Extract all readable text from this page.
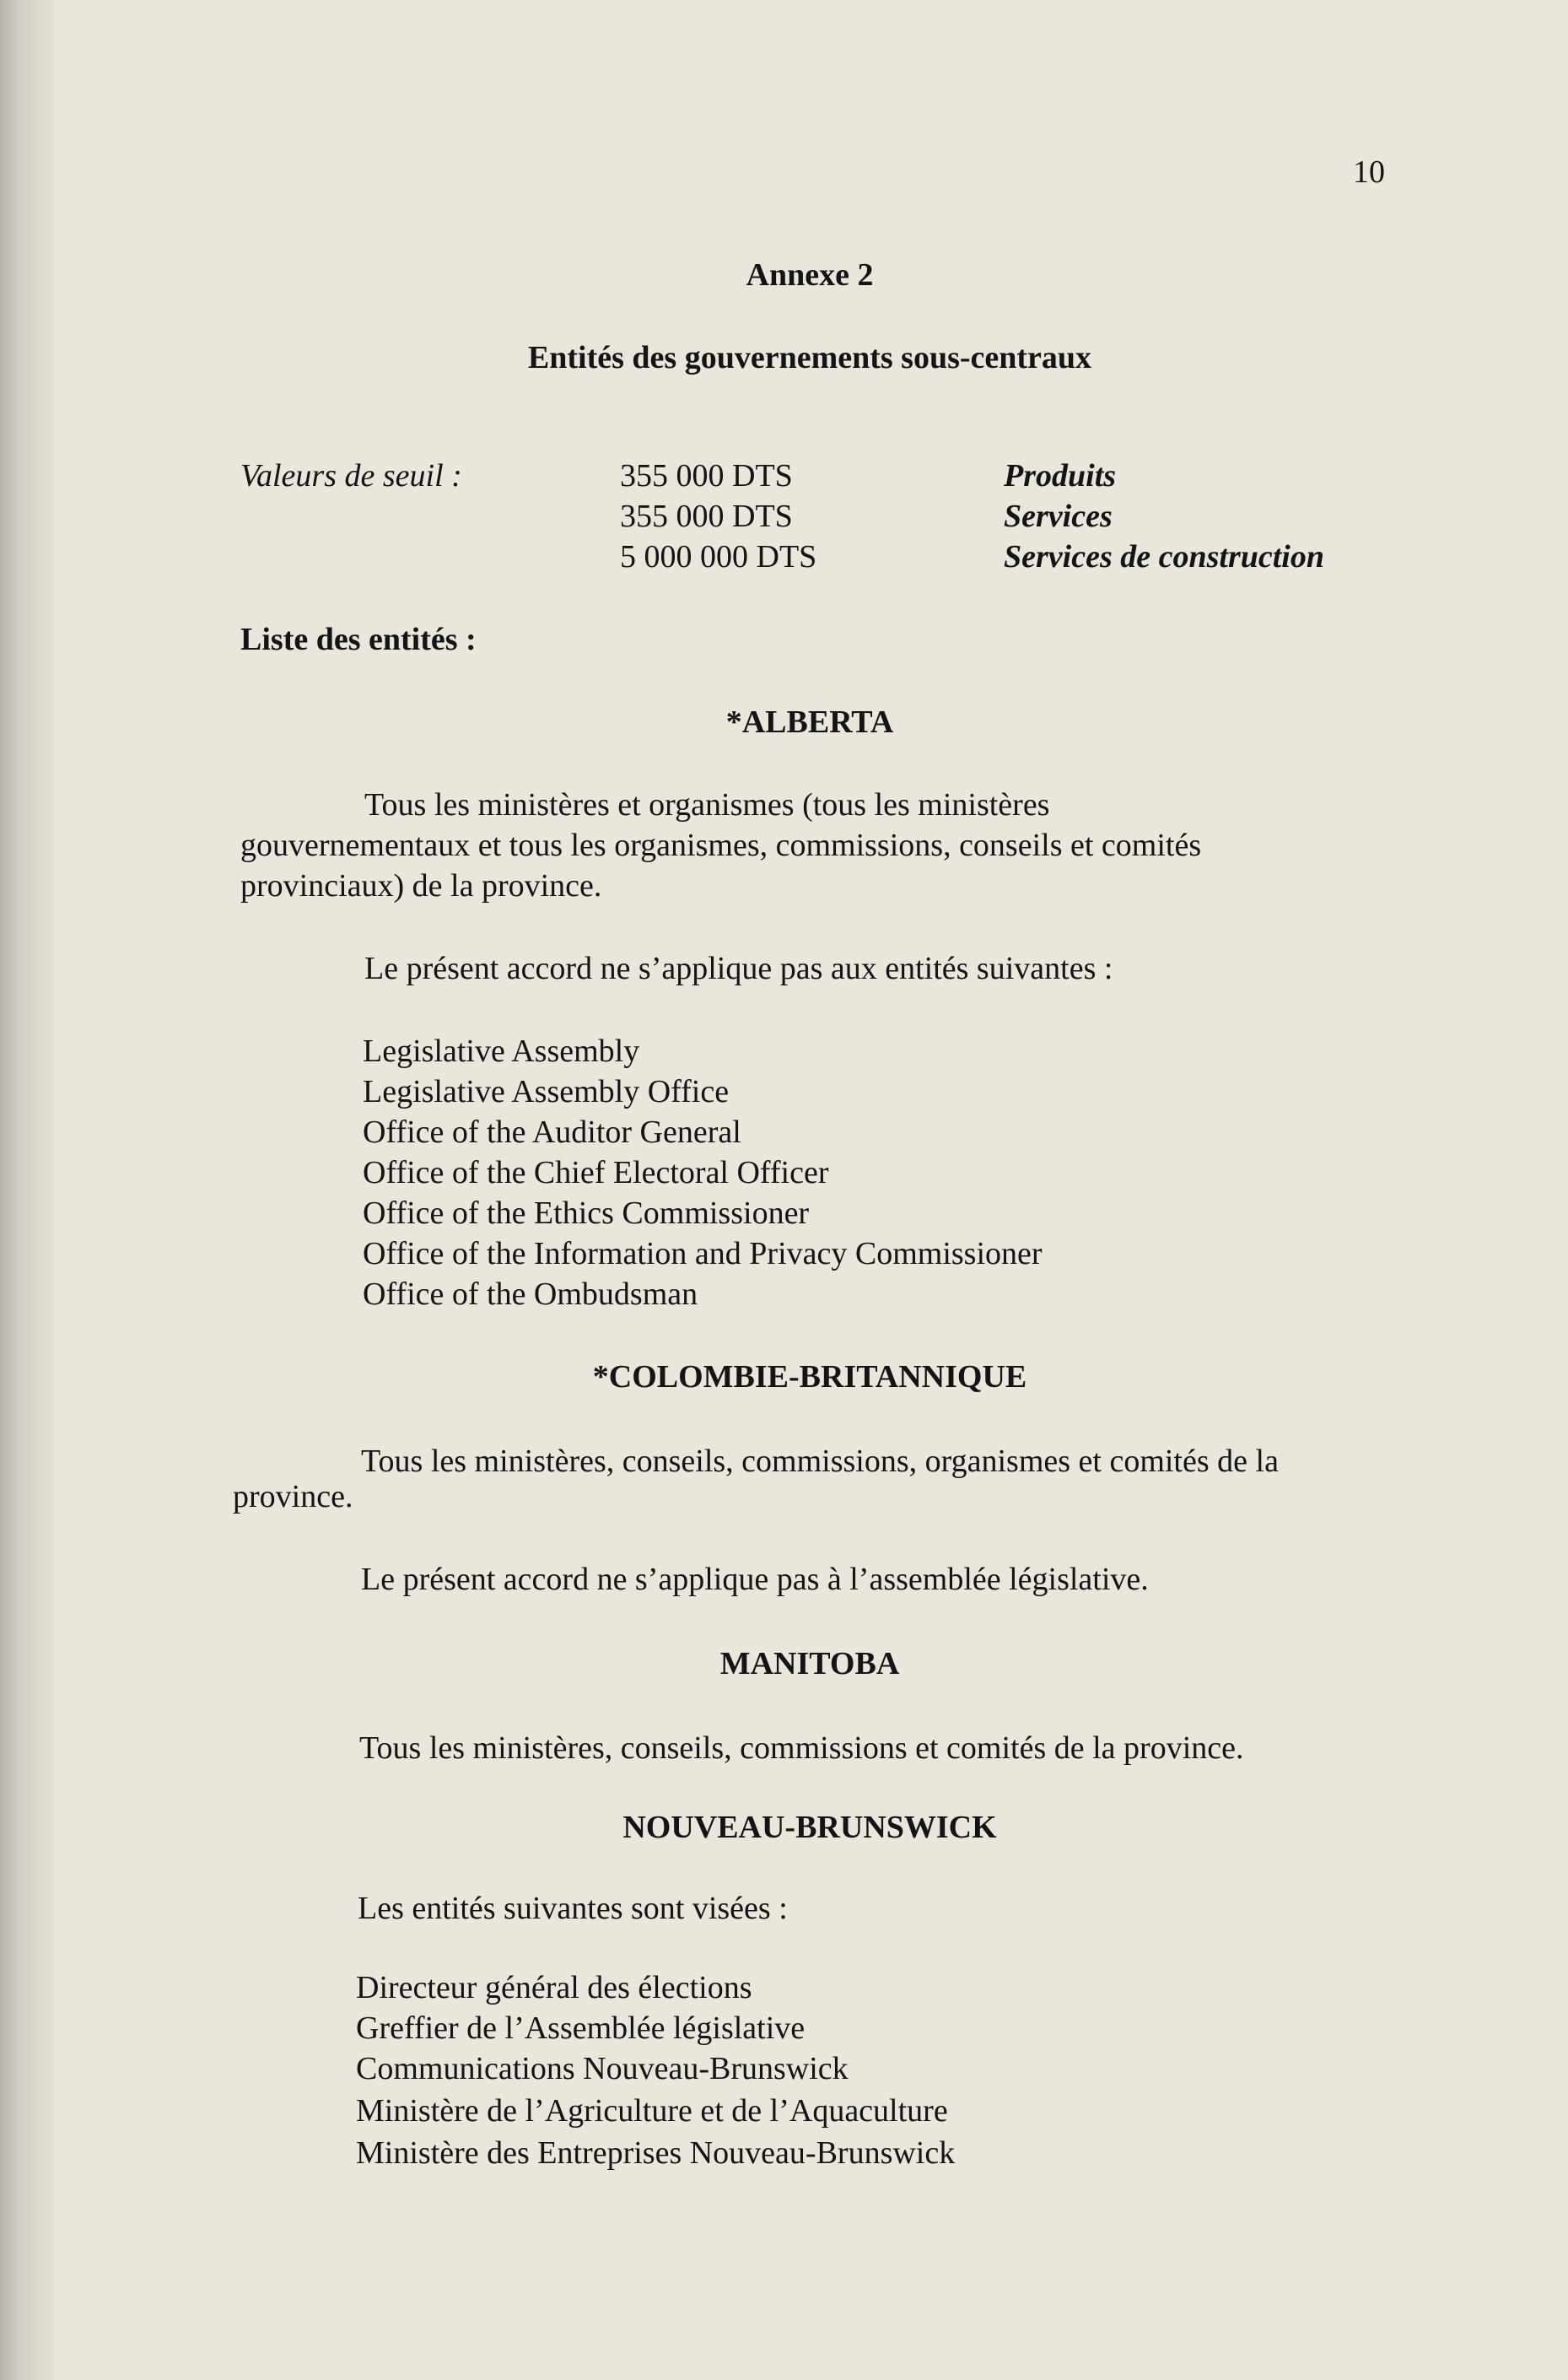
10
Annexe 2
Entités des gouvernements sous-centraux
Valeurs de seuil :	355 000 DTS
355 000 DTS
5 000 000 DTS
Produits
Services
Services de construction
Liste des entités :
*ALBERTA
Tous les ministères et organismes (tous les ministères
gouvernementaux et tous les organismes, commissions, conseils et comités
provinciaux) de la province.
Le présent accord ne s’applique pas aux entités suivantes :
Legislative Assembly
Legislative Assembly Office
Office of the Auditor General
Office of the Chief Electoral Officer
Office of the Ethics Commissioner
Office of the Information and Privacy Commissioner
Office of the Ombudsman
*COLOMBIE-BRITANNIQUE
Tous les ministères, conseils, commissions, organismes et comités de la
province.
Le présent accord ne s’applique pas à l’assemblée législative.
MANITOBA
Tous les ministères, conseils, commissions et comités de la province.
NOUVEAU-BRUNSWICK
Les entités suivantes sont visées :
Directeur général des élections
Greffier de l’Assemblée législative
Communications Nouveau-Brunswick
Ministère de l’Agriculture et de l’Aquaculture
Ministère des Entreprises Nouveau-Brunswick
